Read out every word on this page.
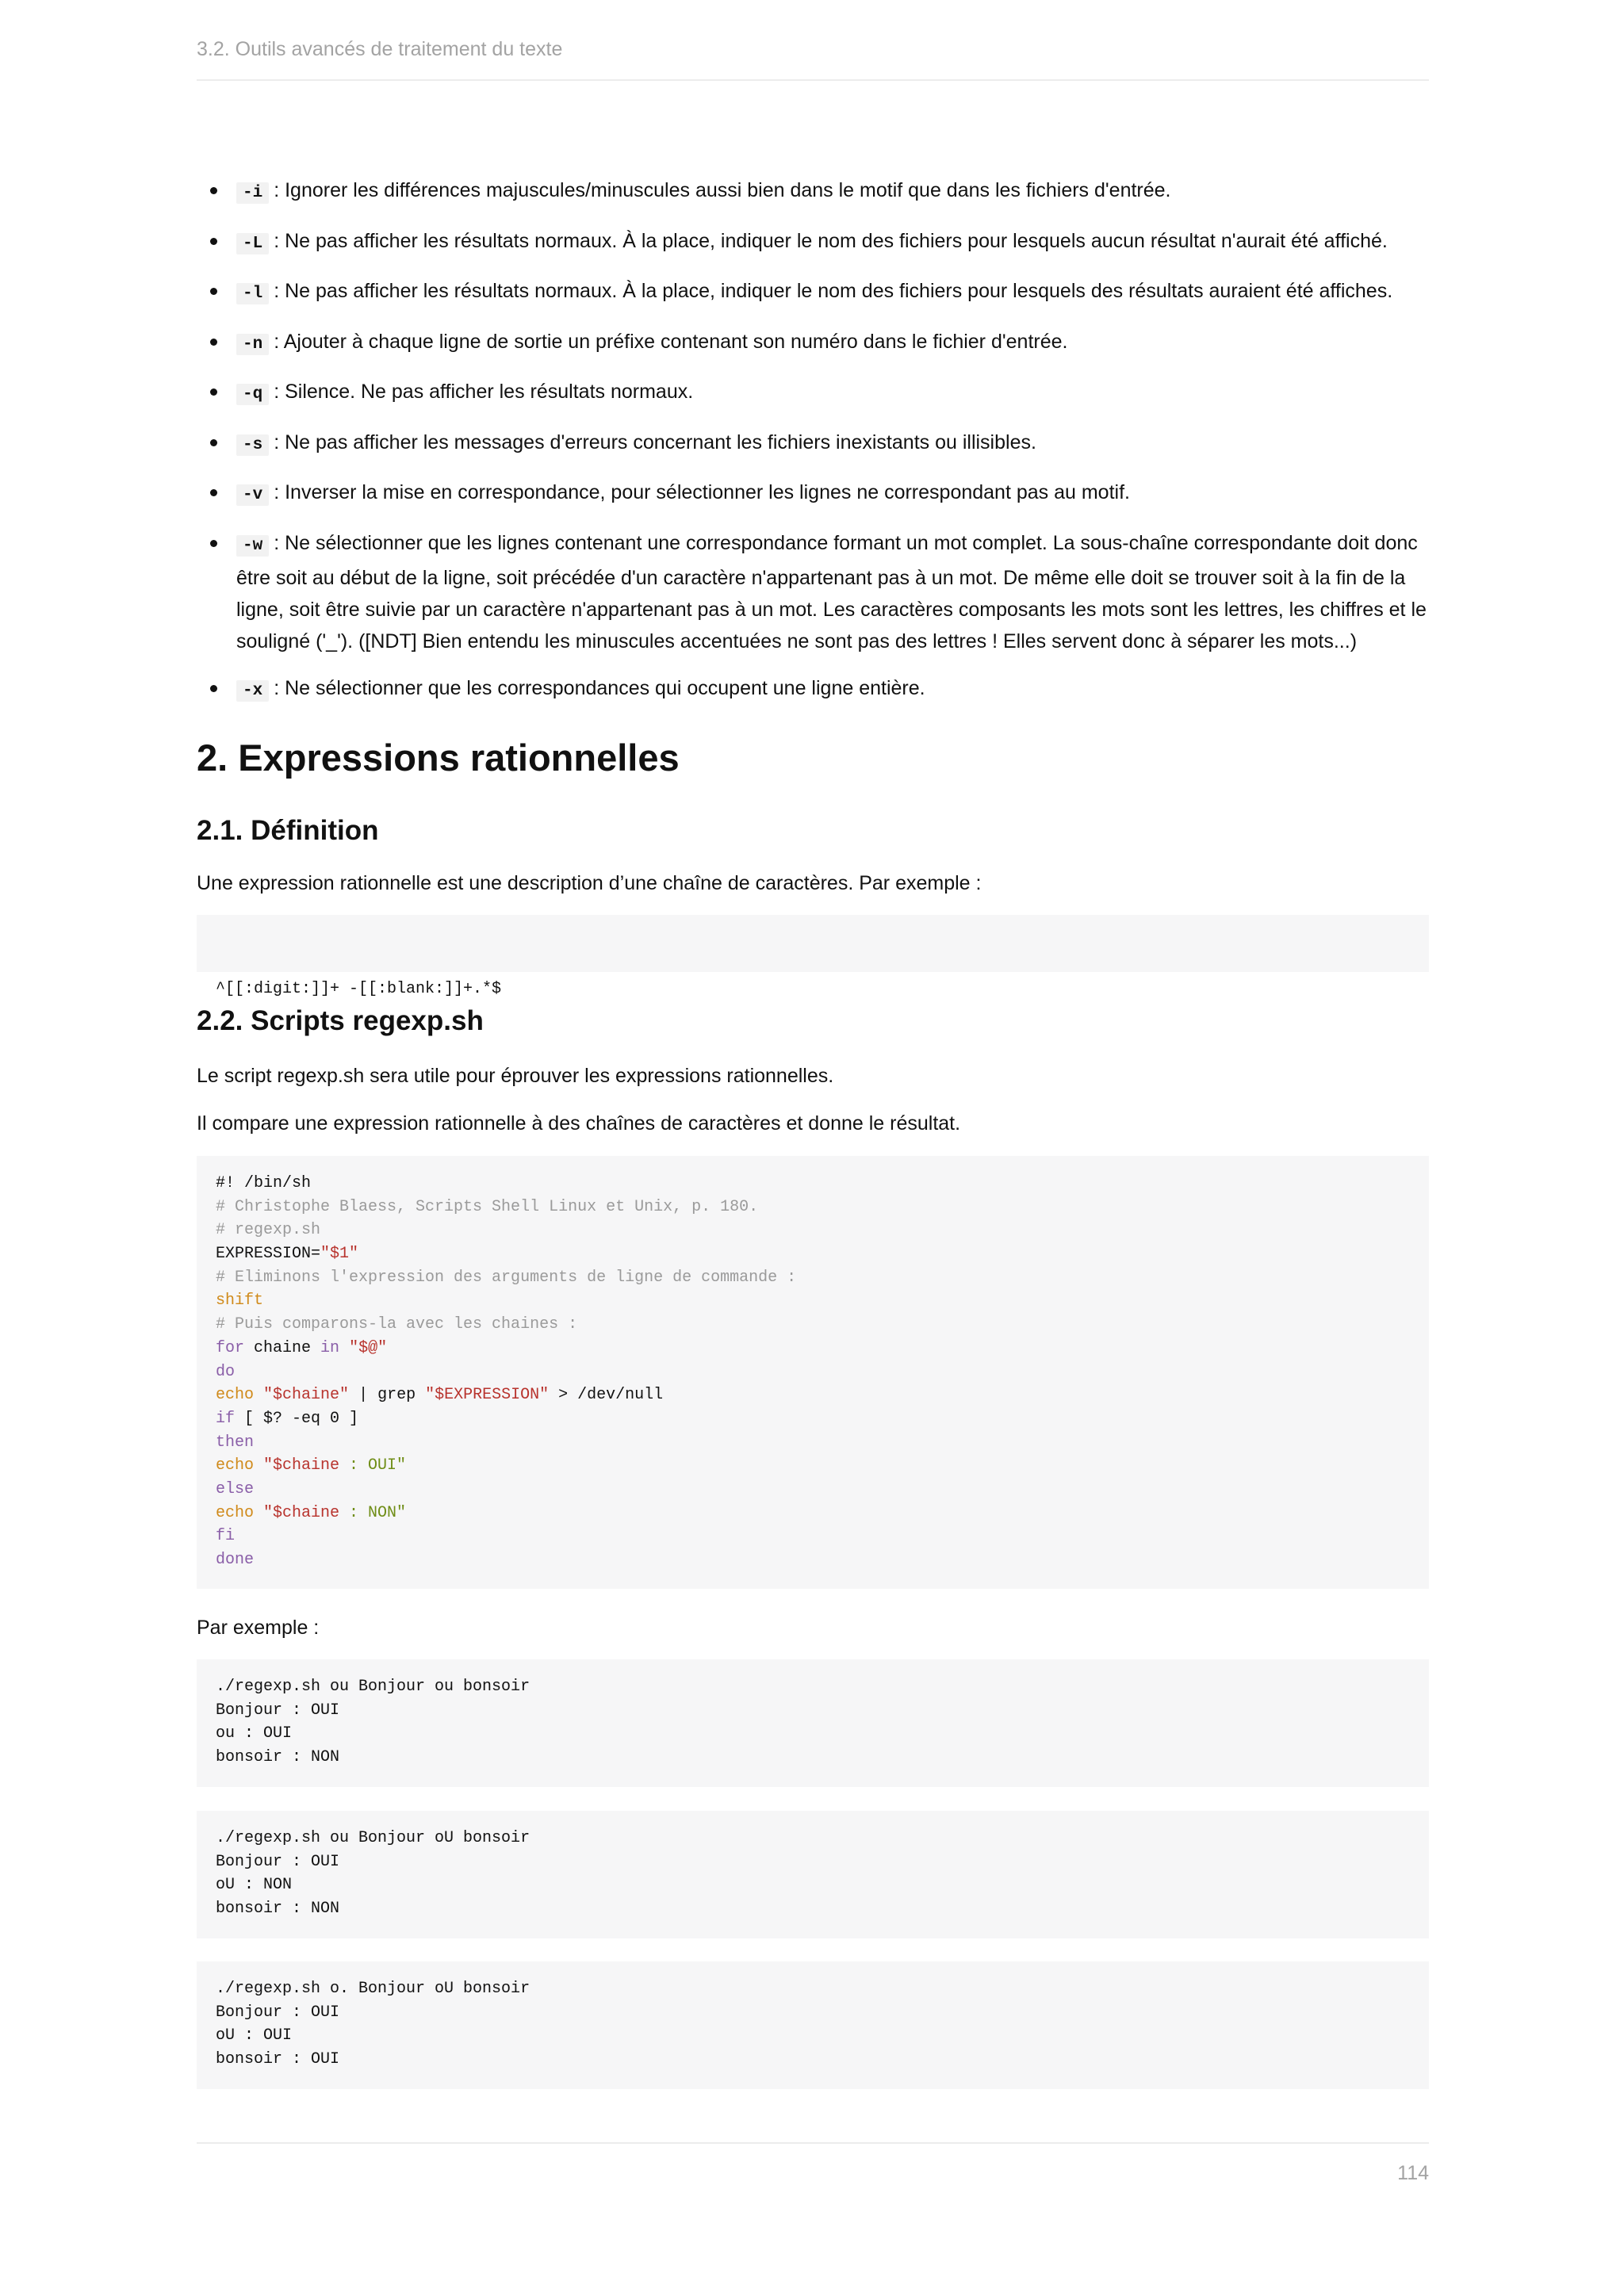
3.2. Outils avancés de traitement du texte
-i : Ignorer les différences majuscules/minuscules aussi bien dans le motif que dans les fichiers d'entrée.
-L : Ne pas afficher les résultats normaux. À la place, indiquer le nom des fichiers pour lesquels aucun résultat n'aurait été affiché.
-l : Ne pas afficher les résultats normaux. À la place, indiquer le nom des fichiers pour lesquels des résultats auraient été affiches.
-n : Ajouter à chaque ligne de sortie un préfixe contenant son numéro dans le fichier d'entrée.
-q : Silence. Ne pas afficher les résultats normaux.
-s : Ne pas afficher les messages d'erreurs concernant les fichiers inexistants ou illisibles.
-v : Inverser la mise en correspondance, pour sélectionner les lignes ne correspondant pas au motif.
-w : Ne sélectionner que les lignes contenant une correspondance formant un mot complet. La sous-chaîne correspondante doit donc être soit au début de la ligne, soit précédée d'un caractère n'appartenant pas à un mot. De même elle doit se trouver soit à la fin de la ligne, soit être suivie par un caractère n'appartenant pas à un mot. Les caractères composants les mots sont les lettres, les chiffres et le souligné ('_'). ([NDT] Bien entendu les minuscules accentuées ne sont pas des lettres ! Elles servent donc à séparer les mots...)
-x : Ne sélectionner que les correspondances qui occupent une ligne entière.
2. Expressions rationnelles
2.1. Définition

Une expression rationnelle est une description d’une chaîne de caractères. Par exemple :

^[[:digit:]]+ -[[:blank:]]+.*$

2.2. Scripts regexp.sh

Le script regexp.sh sera utile pour éprouver les expressions rationnelles.

Il compare une expression rationnelle à des chaînes de caractères et donne le résultat.

#! /bin/sh
# Christophe Blaess, Scripts Shell Linux et Unix, p. 180.
# regexp.sh
EXPRESSION="$1"
# Eliminons l'expression des arguments de ligne de commande :
shift
# Puis comparons-la avec les chaines :
for chaine in "$@"
do
echo "$chaine" | grep "$EXPRESSION" > /dev/null
if [ $? -eq 0 ]
then
echo "$chaine : OUI"
else
echo "$chaine : NON"
fi
done

Par exemple :

./regexp.sh ou Bonjour ou bonsoir
Bonjour : OUI
ou : OUI
bonsoir : NON
./regexp.sh ou Bonjour oU bonsoir
Bonjour : OUI
oU : NON
bonsoir : NON
./regexp.sh o. Bonjour oU bonsoir
Bonjour : OUI
oU : OUI
bonsoir : OUI
114
